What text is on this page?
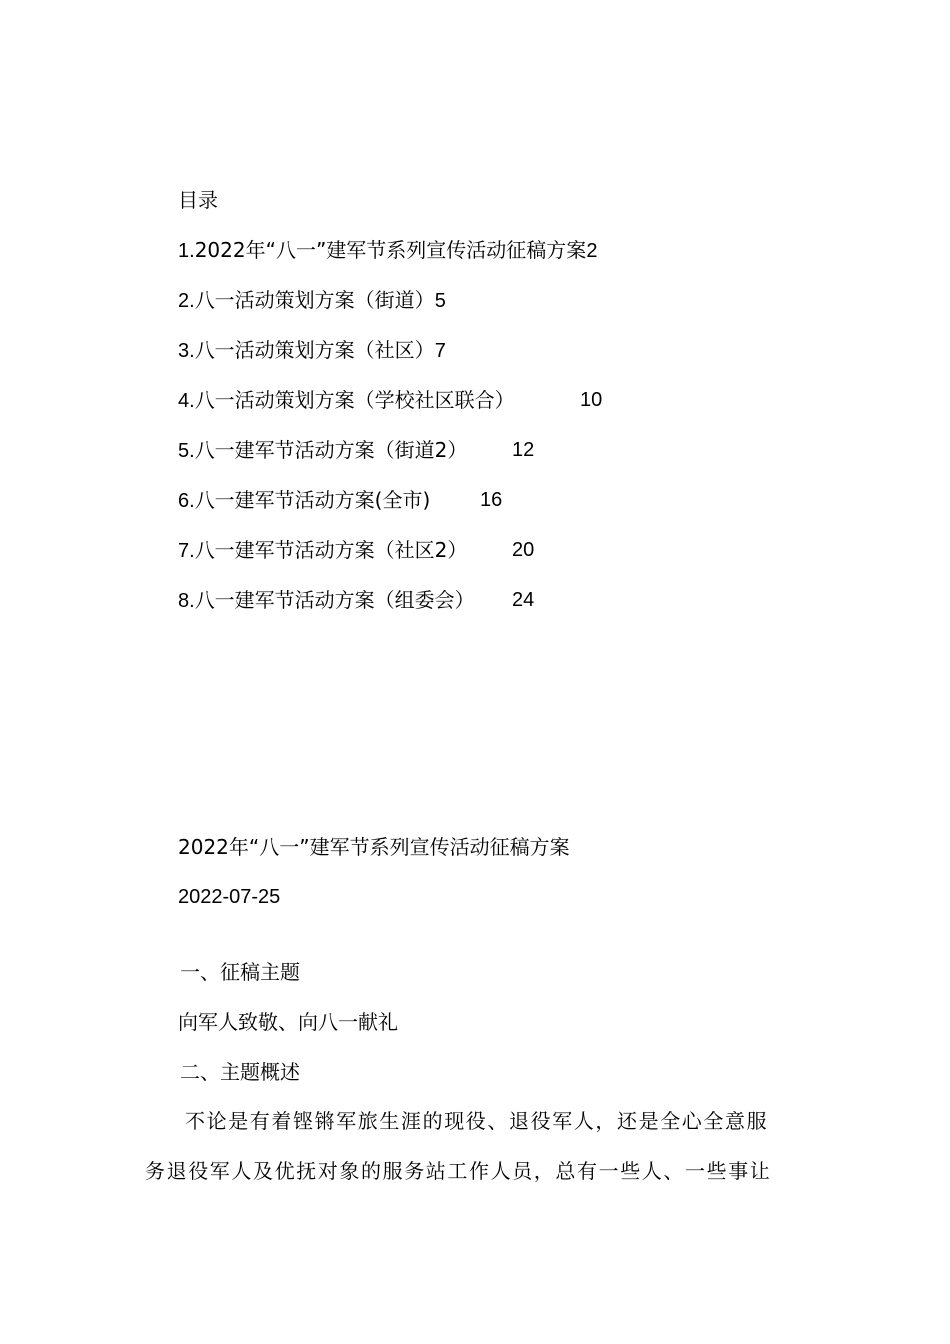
目录
1.2022年“八一”建军节系列宣传活动征稿方案2
2.八一活动策划方案（街道）5
3.八一活动策划方案（社区）7
4.八一活动策划方案（学校社区联合）	10
5.八一建军节活动方案（街道2） 12
6.八一建军节活动方案(全市) 16
7.八一建军节活动方案（社区2） 20
8.八一建军节活动方案（组委会） 24
2022年“八一”建军节系列宣传活动征稿方案
2022-07-25
一、征稿主题
向军人致敬、向八一献礼
二、主题概述
不论是有着铿锵军旅生涯的现役、退役军人，还是全心全意服
务退役军人及优抚对象的服务站工作人员，总有一些人、一些事让
